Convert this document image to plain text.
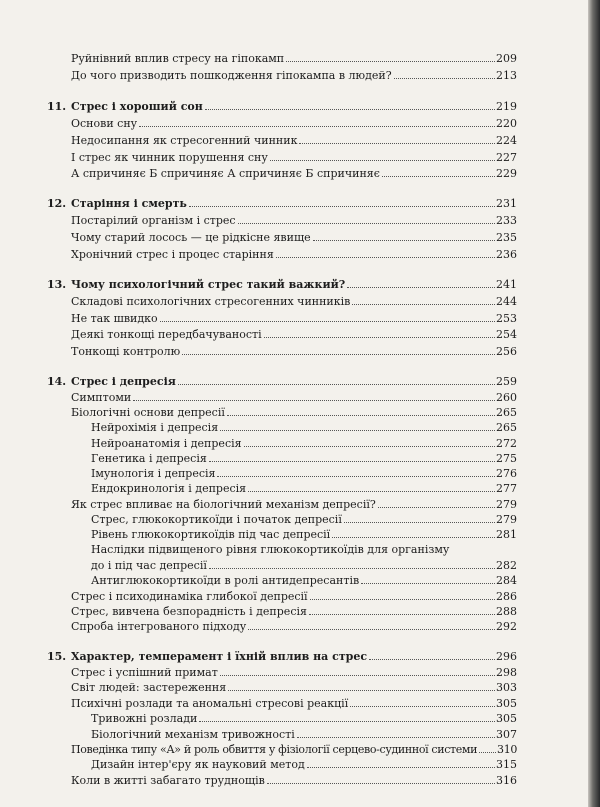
Руйнівний вплив стресу на гіпокамп	209
До чого призводить пошкодження гіпокампа в людей?	213
11. Стрес і хороший сон	219
Основи сну	220
Недосипання як стресогенний чинник	224
І стрес як чинник порушення сну	227
А спричиняє Б спричиняє А спричиняє Б спричиняє	229
12. Старіння і смерть	231
Постарілий організм і стрес	233
Чому старий лосось — це рідкісне явище	235
Хронічний стрес і процес старіння	236
13. Чому психологічний стрес такий важкий?	241
Складові психологічних стресогенних чинників	244
Не так швидко	253
Деякі тонкощі передбачуваності	254
Тонкощі контролю	256
14. Стрес і депресія	259
Симптоми	260
Біологічні основи депресії	265
Нейрохімія і депресія	265
Нейроанатомія і депресія	272
Генетика і депресія	275
Імунологія і депресія	276
Ендокринологія і депресія	277
Як стрес впливає на біологічний механізм депресії?	279
Стрес, глюкокортикоїди і початок депресії	279
Рівень глюкокортикоїдів під час депресії	281
Наслідки підвищеного рівня глюкокортикоїдів для організму
до і під час депресії	282
Антиглюкокортикоїди в ролі антидепресантів	284
Стрес і психодинаміка глибокої депресії	286
Стрес, вивчена безпорадність і депресія	288
Спроба інтегрованого підходу	292
15. Характер, темперамент і їхній вплив на стрес	296
Стрес і успішний примат	298
Світ людей: застереження	303
Психічні розлади та аномальні стресові реакції	305
Тривожні розлади	305
Біологічний механізм тривожності	307
Поведінка типу «А» й роль обвиття у фізіології серцево-судинної системи 310
Дизайн інтер'єру як науковий метод	315
Коли в житті забагато труднощів	316
